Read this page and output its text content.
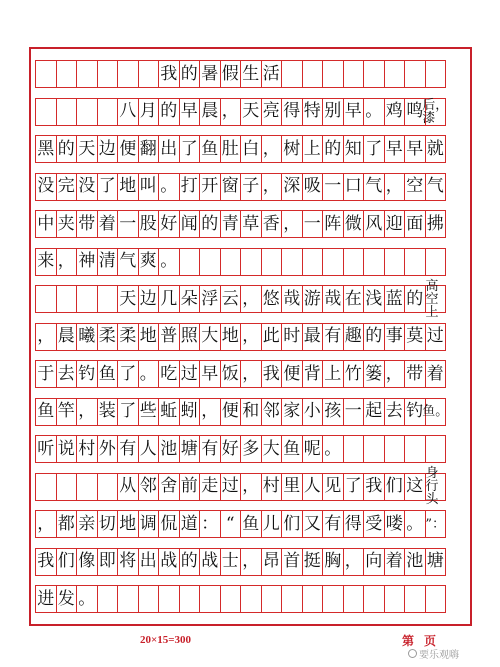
我 的 暑 假 生 活
八 月 的 早 晨 ， 天 亮 得 特 别 早 。 鸡 鸣 后，漆
黑 的 天 边 便 翻 出 了 鱼 肚 白 ， 树 上 的 知 了 早 早 就
没 完 没 了 地 叫 。 打 开 窗 子 ， 深 吸 一 口 气 ， 空 气
中 夹 带 着 一 股 好 闻 的 青 草 香 ， 一 阵 微 风 迎 面 拂
来 ， 神 清 气 爽 。
天 边 几 朵 浮 云 ， 悠 哉 游 哉 在 浅 蓝 的
高空上
， 晨 曦 柔 柔 地 普 照 大 地 ， 此 时 最 有 趣 的 事 莫 过
于 去 钓 鱼 了 。 吃 过 早 饭 ， 我 便 背 上 竹 篓 ， 带 着
鱼 竿 ， 装 了 些 蚯 蚓 ， 便 和 邻 家 小 孩 一 起 去 钓 鱼。
听 说 村 外 有 人 池 塘 有 好 多 大 鱼 呢 。
从 邻 舍 前 走 过 ， 村 里 人 见 了 我 们 这
身行头
， 都 亲 切 地 调 侃 道 ： “ 鱼 儿 们 又 有 得 受 喽 。 ”：
我 们 像 即 将 出 战 的 战 士 ， 昂 首 挺 胸 ， 向 着 池 塘
进 发 。
20×15=300	第页
要乐观嗨
